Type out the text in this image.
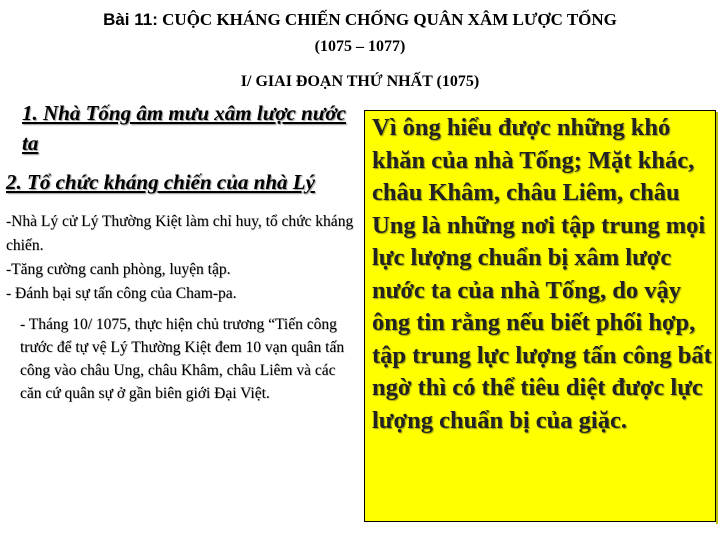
Bài 11: CUỘC KHÁNG CHIẾN CHỐNG QUÂN XÂM LƯỢC TỐNG
(1075 – 1077)
I/ GIAI ĐOẠN THỨ NHẤT (1075)
1. Nhà Tống âm mưu xâm lược nước ta
2. Tổ chức kháng chiến của nhà Lý
-Nhà Lý cử Lý Thường Kiệt làm chỉ huy, tổ chức kháng chiến.
-Tăng cường canh phòng, luyện tập.
- Đánh bại sự tấn công của Cham-pa.
- Tháng 10/ 1075, thực hiện chủ trương “Tiến công trước để tự vệ Lý Thường Kiệt đem 10 vạn quân tấn công vào châu Ung, châu Khâm, châu Liêm và các căn cứ quân sự ở gần biên giới Đại Việt.
Vì ông hiểu được những khó khăn của nhà Tống; Mặt khác, châu Khâm, châu Liêm, châu Ung là những nơi tập trung mọi lực lượng chuẩn bị xâm lược nước ta của nhà Tống, do vậy ông tin rằng nếu biết phối hợp, tập trung lực lượng tấn công bất ngờ thì có thể tiêu diệt được lực lượng chuẩn bị của giặc.
